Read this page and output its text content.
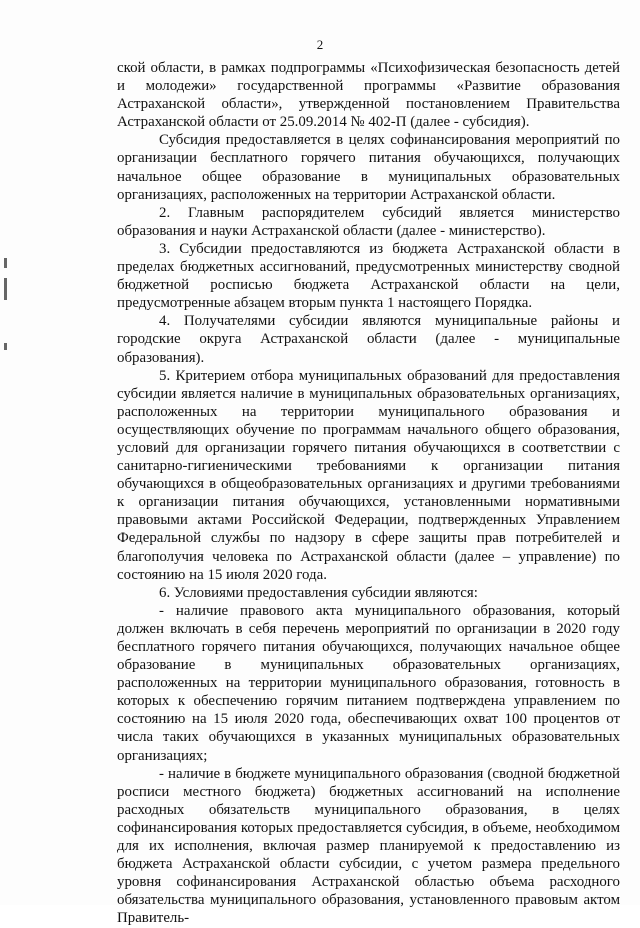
2

ской области, в рамках подпрограммы «Психофизическая безопасность детей и молодежи» государственной программы «Развитие образования Астраханской области», утвержденной постановлением Правительства Астраханской области от 25.09.2014 № 402-П (далее - субсидия).

Субсидия предоставляется в целях софинансирования мероприятий по организации бесплатного горячего питания обучающихся, получающих начальное общее образование в муниципальных образовательных организациях, расположенных на территории Астраханской области.

2. Главным распорядителем субсидий является министерство образования и науки Астраханской области (далее - министерство).

3. Субсидии предоставляются из бюджета Астраханской области в пределах бюджетных ассигнований, предусмотренных министерству сводной бюджетной росписью бюджета Астраханской области на цели, предусмотренные абзацем вторым пункта 1 настоящего Порядка.

4. Получателями субсидии являются муниципальные районы и городские округа Астраханской области (далее - муниципальные образования).

5. Критерием отбора муниципальных образований для предоставления субсидии является наличие в муниципальных образовательных организациях, расположенных на территории муниципального образования и осуществляющих обучение по программам начального общего образования, условий для организации горячего питания обучающихся в соответствии с санитарно-гигиеническими требованиями к организации питания обучающихся в общеобразовательных организациях и другими требованиями к организации питания обучающихся, установленными нормативными правовыми актами Российской Федерации, подтвержденных Управлением Федеральной службы по надзору в сфере защиты прав потребителей и благополучия человека по Астраханской области (далее – управление) по состоянию на 15 июля 2020 года.

6. Условиями предоставления субсидии являются:

- наличие правового акта муниципального образования, который должен включать в себя перечень мероприятий по организации в 2020 году бесплатного горячего питания обучающихся, получающих начальное общее образование в муниципальных образовательных организациях, расположенных на территории муниципального образования, готовность в которых к обеспечению горячим питанием подтверждена управлением по состоянию на 15 июля 2020 года, обеспечивающих охват 100 процентов от числа таких обучающихся в указанных муниципальных образовательных организациях;

- наличие в бюджете муниципального образования (сводной бюджетной росписи местного бюджета) бюджетных ассигнований на исполнение расходных обязательств муниципального образования, в целях софинансирования которых предоставляется субсидия, в объеме, необходимом для их исполнения, включая размер планируемой к предоставлению из бюджета Астраханской области субсидии, с учетом размера предельного уровня софинансирования Астраханской областью объема расходного обязательства муниципального образования, установленного правовым актом Правитель-
